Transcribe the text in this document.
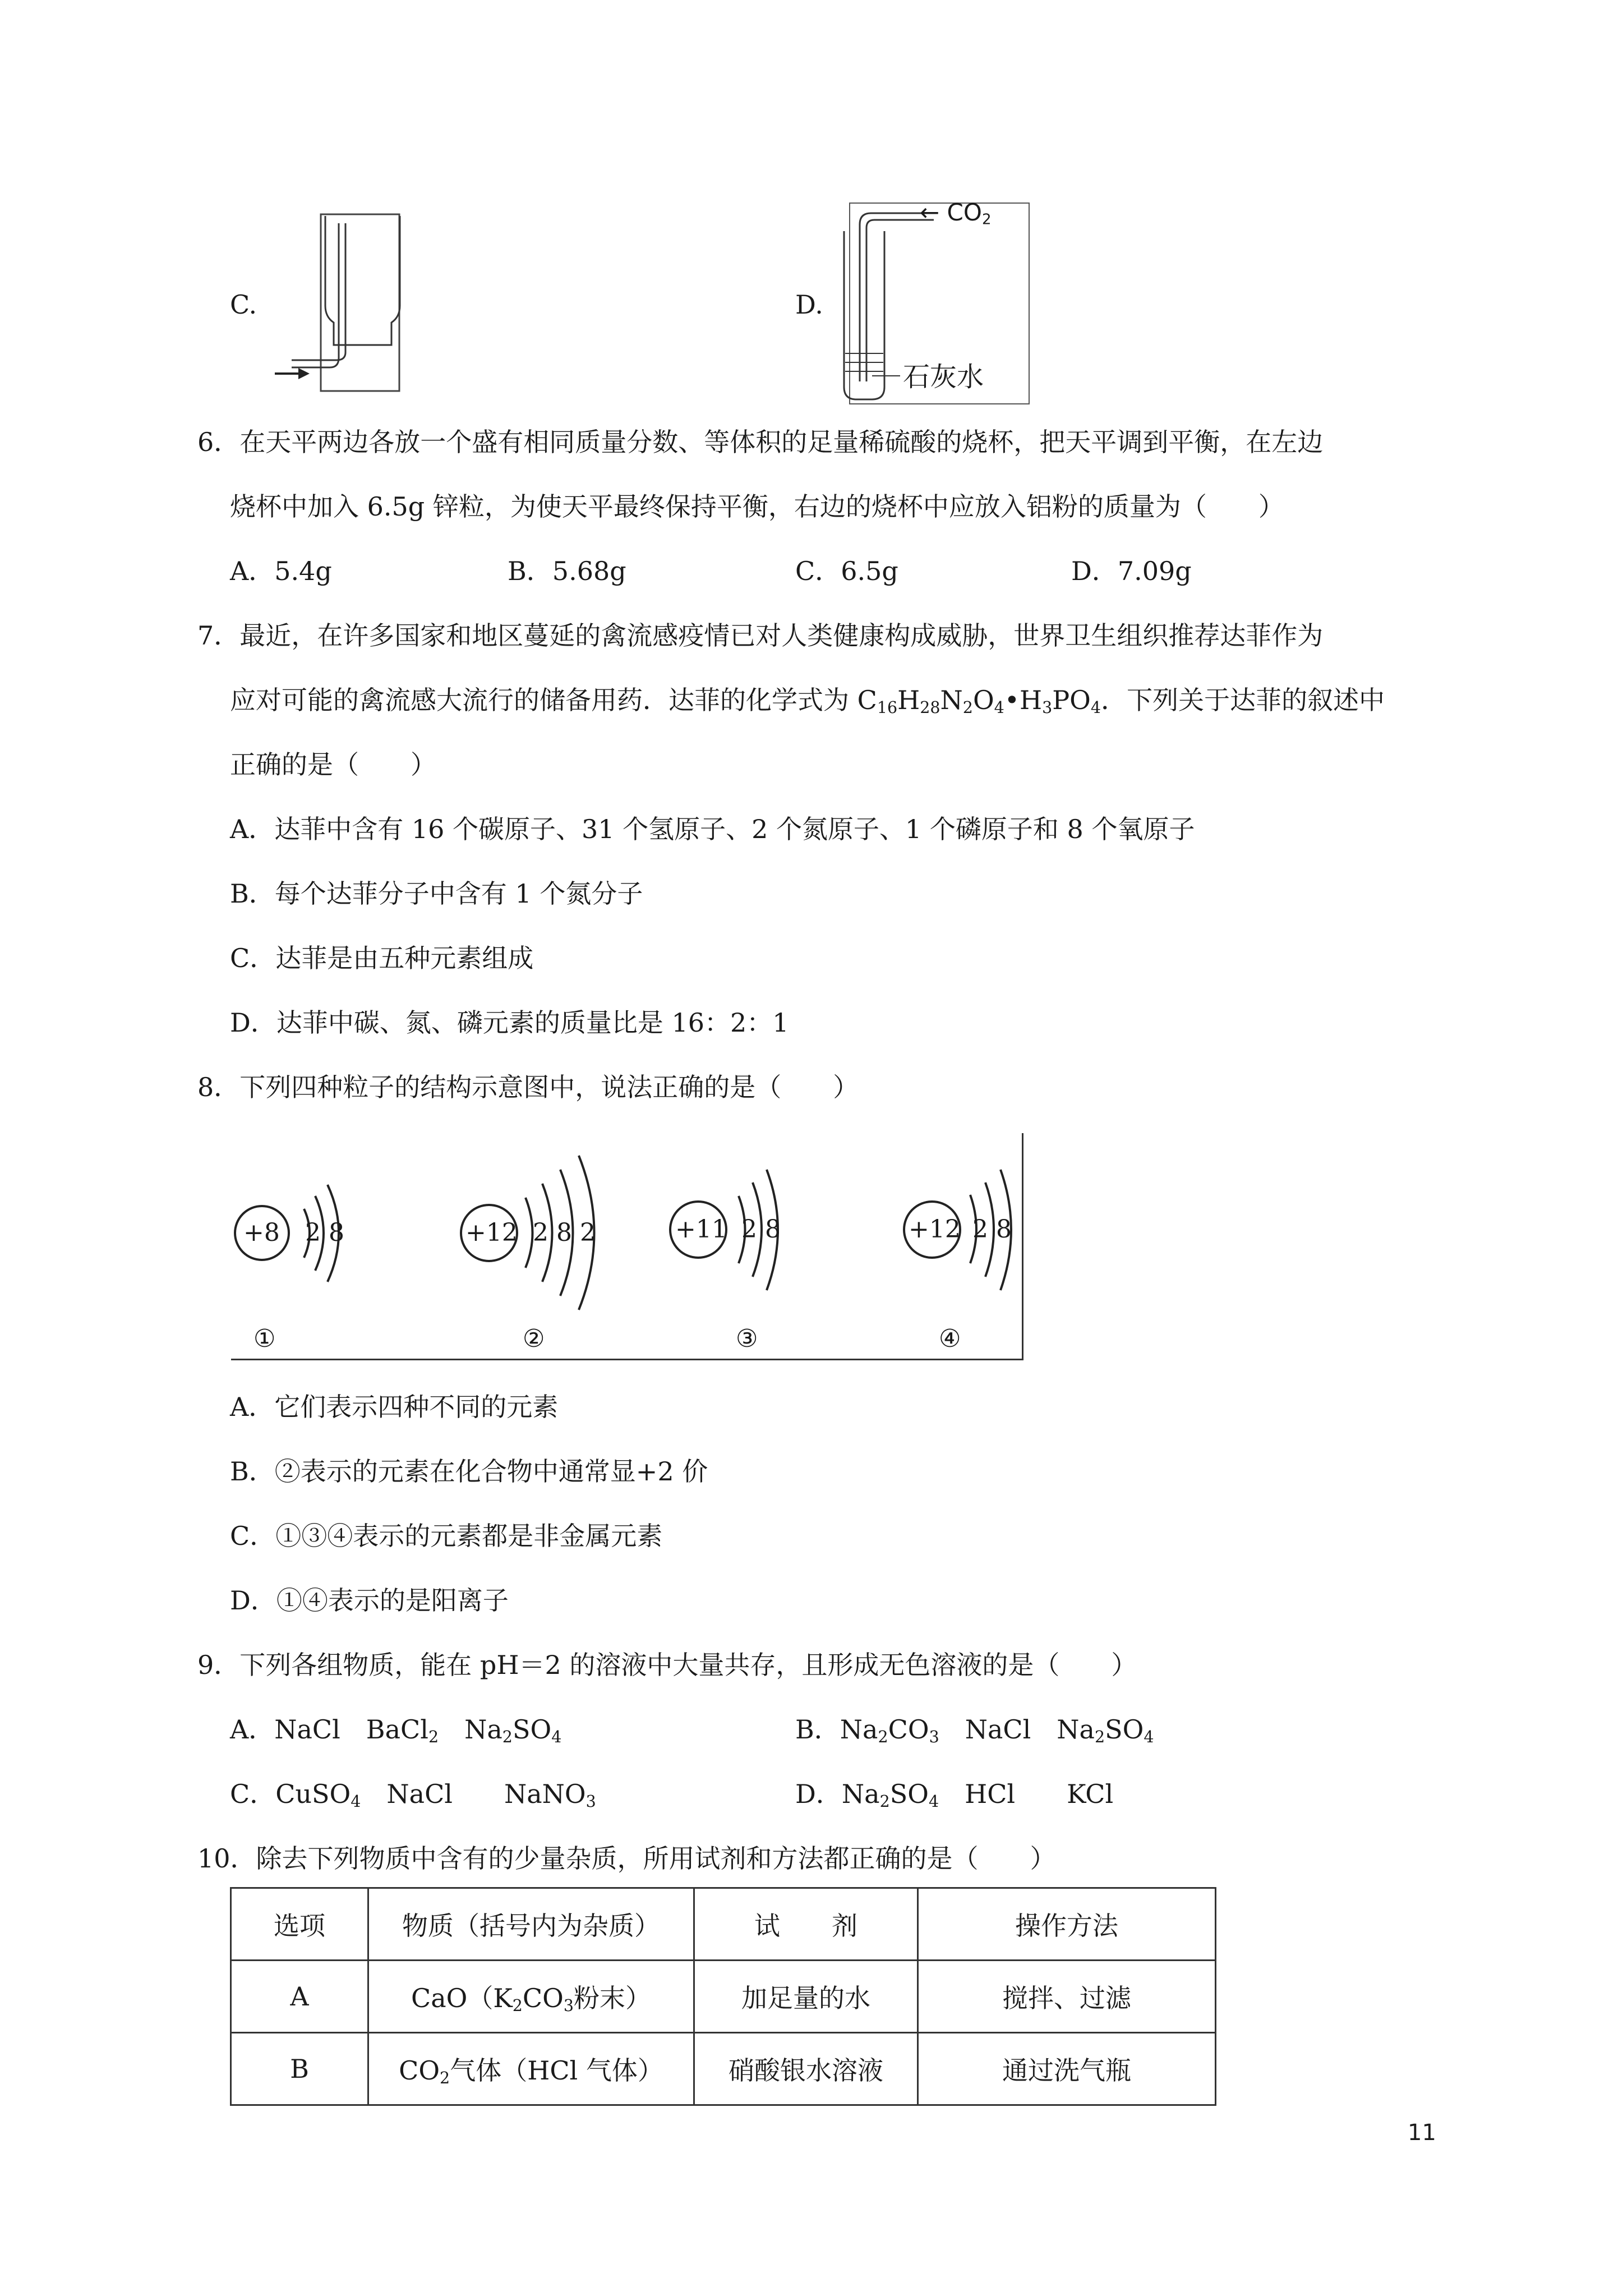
C.	D.
← $CO_2$
石灰水
6．在天平两边各放一个盛有相同质量分数、等体积的足量稀硫酸的烧杯，把天平调到平衡，在左边
烧杯中加入 6.5g 锌粒，为使天平最终保持平衡，右边的烧杯中应放入铝粉的质量为（　　）
A．5.4g	B．5.68g	C．6.5g	D．7.09g
7．最近，在许多国家和地区蔓延的禽流感疫情已对人类健康构成威胁，世界卫生组织推荐达菲作为
应对可能的禽流感大流行的储备用药．达菲的化学式为 $C_{16}H_{28}N_2O_4•H_3PO_4$．下列关于达菲的叙述中
正确的是（　　）
A．达菲中含有 16 个碳原子、31 个氢原子、2 个氮原子、1 个磷原子和 8 个氧原子
B．每个达菲分子中含有 1 个氮分子
C．达菲是由五种元素组成
D．达菲中碳、氮、磷元素的质量比是 16：2：1
8．下列四种粒子的结构示意图中，说法正确的是（　　）
+8 2 8
①
+12 2 8 2
②
+11 2 8
③
+12 2 8
④
A．它们表示四种不同的元素
B．②表示的元素在化合物中通常显+2 价
C．①③④表示的元素都是非金属元素
D．①④表示的是阳离子
9．下列各组物质，能在 pH＝2 的溶液中大量共存，且形成无色溶液的是（　　）
A．NaCl　BaCl$_2$　$Na_2SO_4$	B．$Na_2CO_3$　NaCl　$Na_2SO_4$
C．CuSO$_4$　NaCl　　NaNO$_3$	D．$Na_2SO_4$　HCl　　KCl
10．除去下列物质中含有的少量杂质，所用试剂和方法都正确的是（　　）
选项	物质（括号内为杂质）	试　　剂	操作方法
A	$CaO(K_2CO_3$粉末）	加足量的水	搅拌、过滤
B	$CO_2$气体（HCl 气体）	硝酸银水溶液	通过洗气瓶
11
